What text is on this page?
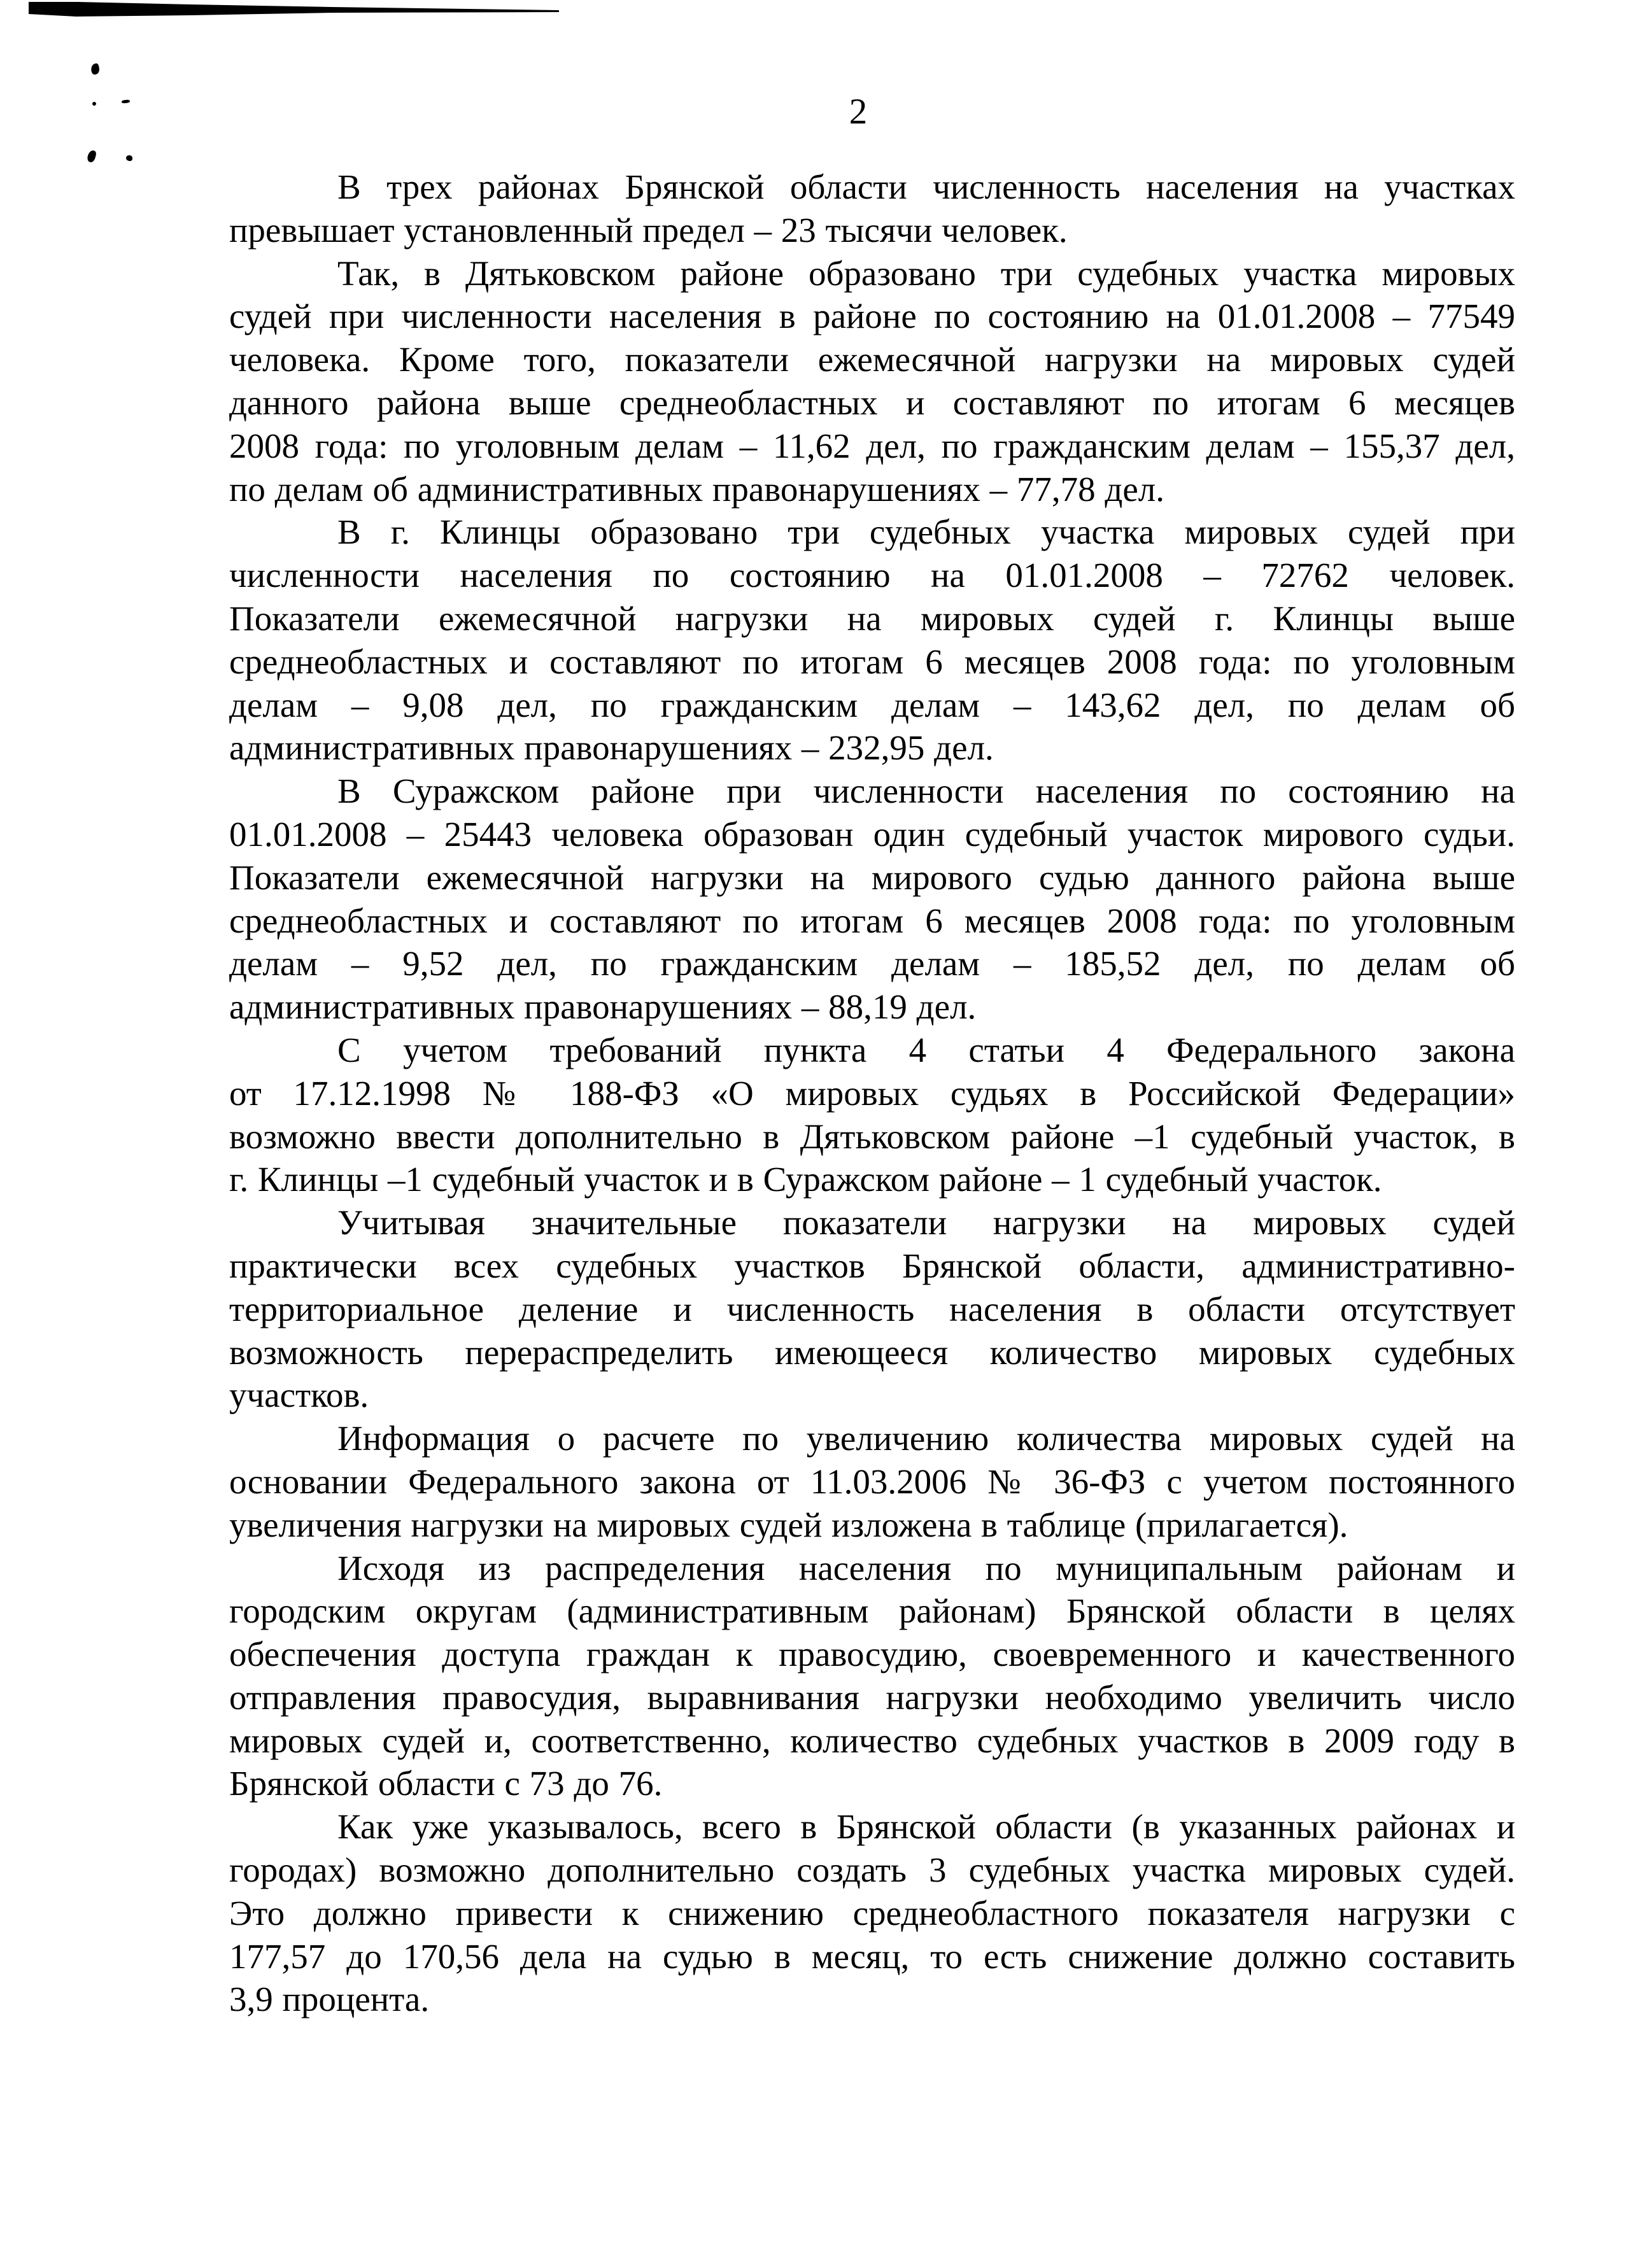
2
В трех районах Брянской области численность населения на участках
превышает установленный предел – 23 тысячи человек.
Так, в Дятьковском районе образовано три судебных участка мировых
судей при численности населения в районе по состоянию на 01.01.2008 – 77549
человека. Кроме того, показатели ежемесячной нагрузки на мировых судей
данного района выше среднеобластных и составляют по итогам 6 месяцев
2008 года: по уголовным делам – 11,62 дел, по гражданским делам – 155,37 дел,
по делам об административных правонарушениях – 77,78 дел.
В г. Клинцы образовано три судебных участка мировых судей при
численности населения по состоянию на 01.01.2008 – 72762 человек.
Показатели ежемесячной нагрузки на мировых судей г. Клинцы выше
среднеобластных и составляют по итогам 6 месяцев 2008 года: по уголовным
делам – 9,08 дел, по гражданским делам – 143,62 дел, по делам об
административных правонарушениях – 232,95 дел.
В Суражском районе при численности населения по состоянию на
01.01.2008 – 25443 человека образован один судебный участок мирового судьи.
Показатели ежемесячной нагрузки на мирового судью данного района выше
среднеобластных и составляют по итогам 6 месяцев 2008 года: по уголовным
делам – 9,52 дел, по гражданским делам – 185,52 дел, по делам об
административных правонарушениях – 88,19 дел.
С учетом требований пункта 4 статьи 4 Федерального закона
от 17.12.1998 № 188-ФЗ «О мировых судьях в Российской Федерации»
возможно ввести дополнительно в Дятьковском районе –1 судебный участок, в
г. Клинцы –1 судебный участок и в Суражском районе – 1 судебный участок.
Учитывая значительные показатели нагрузки на мировых судей
практически всех судебных участков Брянской области, административно-
территориальное деление и численность населения в области отсутствует
возможность перераспределить имеющееся количество мировых судебных
участков.
Информация о расчете по увеличению количества мировых судей на
основании Федерального закона от 11.03.2006 № 36-ФЗ с учетом постоянного
увеличения нагрузки на мировых судей изложена в таблице (прилагается).
Исходя из распределения населения по муниципальным районам и
городским округам (административным районам) Брянской области в целях
обеспечения доступа граждан к правосудию, своевременного и качественного
отправления правосудия, выравнивания нагрузки необходимо увеличить число
мировых судей и, соответственно, количество судебных участков в 2009 году в
Брянской области с 73 до 76.
Как уже указывалось, всего в Брянской области (в указанных районах и
городах) возможно дополнительно создать 3 судебных участка мировых судей.
Это должно привести к снижению среднеобластного показателя нагрузки с
177,57 до 170,56 дела на судью в месяц, то есть снижение должно составить
3,9 процента.
